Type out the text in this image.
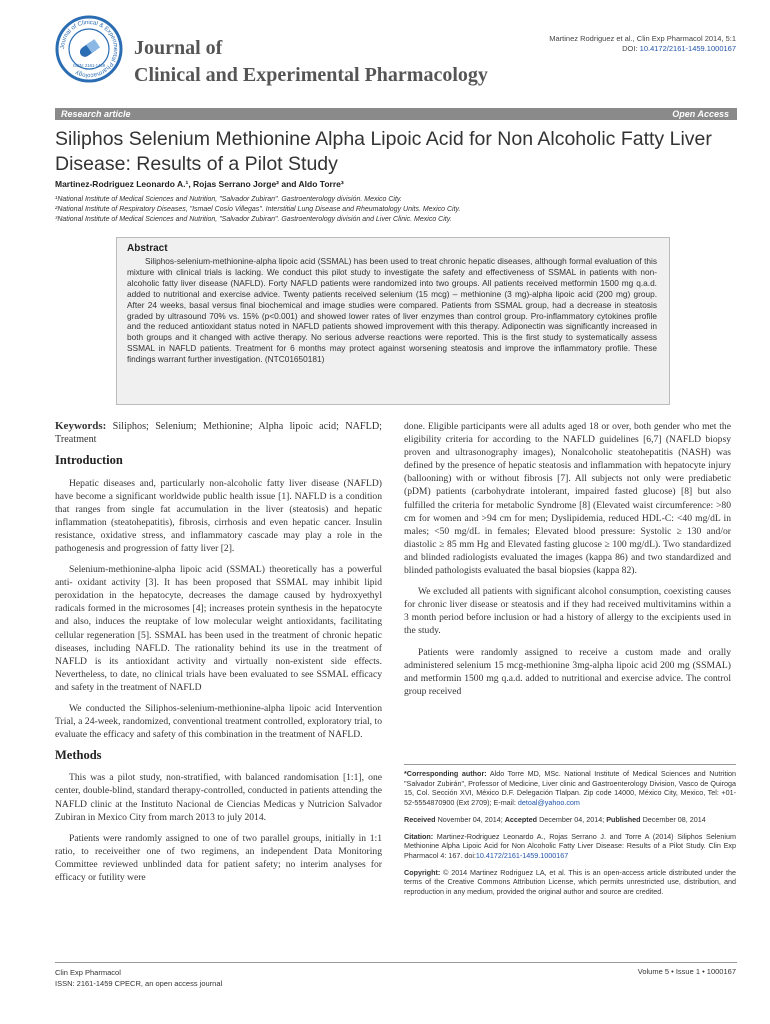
Journal of Clinical & Experimental Pharmacology
ISSN: 2161-1459
Journal of
Clinical and Experimental Pharmacology
Martinez Rodriguez et al., Clin Exp Pharmacol 2014, 5:1
DOI: 10.4172/2161-1459.1000167
Research article	Open Access
Siliphos Selenium Methionine Alpha Lipoic Acid for Non Alcoholic Fatty Liver Disease: Results of a Pilot Study
Martinez-Rodriguez Leonardo A.¹, Rojas Serrano Jorge² and Aldo Torre³
¹National Institute of Medical Sciences and Nutrition, "Salvador Zubiran". Gastroenterology división. Mexico City.
²National Institute of Respiratory Diseases, "Ismael Cosío Villegas". Interstitial Lung Disease and Rheumatology Units. Mexico City.
³National Institute of Medical Sciences and Nutrition, "Salvador Zubiran". Gastroenterology división and Liver Clinic. Mexico City.
Abstract

Siliphos-selenium-methionine-alpha lipoic acid (SSMAL) has been used to treat chronic hepatic diseases, although formal evaluation of this mixture with clinical trials is lacking. We conduct this pilot study to investigate the safety and effectiveness of SSMAL in patients with non-alcoholic fatty liver disease (NAFLD). Forty NAFLD patients were randomized into two groups. All patients received metformin 1500 mg q.a.d. added to nutritional and exercise advice. Twenty patients received selenium (15 mcg) – methionine (3 mg)-alpha lipoic acid (200 mg) group. After 24 weeks, basal versus final biochemical and image studies were compared. Patients from SSMAL group, had a decrease in steatosis graded by ultrasound 70% vs. 15% (p<0.001) and showed lower rates of liver enzymes than control group. Pro-inflammatory cytokines profile and the reduced antioxidant status noted in NAFLD patients showed improvement with this therapy. Adiponectin was significantly increased in both groups and it changed with active therapy. No serious adverse reactions were reported. This is the first study to systematically assess SSMAL in NAFLD patients. Treatment for 6 months may protect against worsening steatosis and improve the inflammatory profile. These findings warrant further investigation. (NTC01650181)

Keywords: Siliphos; Selenium; Methionine; Alpha lipoic acid; NAFLD; Treatment

Introduction

Hepatic diseases and, particularly non-alcoholic fatty liver disease (NAFLD) have become a significant worldwide public health issue [1]. NAFLD is a condition that ranges from single fat accumulation in the liver (steatosis) and hepatic inflammation (steatohepatitis), fibrosis, cirrhosis and even hepatic cancer. Insulin resistance, oxidative stress, and inflammatory cascade may play a role in the pathogenesis and progression of fatty liver [2].

Selenium-methionine-alpha lipoic acid (SSMAL) theoretically has a powerful anti- oxidant activity [3]. It has been proposed that SSMAL may inhibit lipid peroxidation in the hepatocyte, decreases the damage caused by hydroxyethyl radicals formed in the microsomes [4]; increases protein synthesis in the hepatocyte and also, induces the reuptake of low molecular weight antioxidants, facilitating cellular regeneration [5]. SSMAL has been used in the treatment of chronic hepatic diseases, including NAFLD. The rationality behind its use in the treatment of NAFLD is its antioxidant activity and virtually non-existent side effects. Nevertheless, to date, no clinical trials have been evaluated to see SSMAL efficacy and safety in the treatment of NAFLD

We conducted the Siliphos-selenium-methionine-alpha lipoic acid Intervention Trial, a 24-week, randomized, conventional treatment controlled, exploratory trial, to evaluate the efficacy and safety of this combination in the treatment of NAFLD.

Methods

This was a pilot study, non-stratified, with balanced randomisation [1:1], one center, double-blind, standard therapy-controlled, conducted in patients attending the NAFLD clinic at the Instituto Nacional de Ciencias Medicas y Nutricion Salvador Zubiran in Mexico City from march 2013 to july 2014.

Patients were randomly assigned to one of two parallel groups, initially in 1:1 ratio, to receiveither one of two regimens, an independent Data Monitoring Committee reviewed unblinded data for patient safety; no interim analyses for efficacy or futility were

done. Eligible participants were all adults aged 18 or over, both gender who met the eligibility criteria for according to the NAFLD guidelines [6,7] (NAFLD biopsy proven and ultrasonography images), Nonalcoholic steatohepatitis (NASH) was defined by the presence of hepatic steatosis and inflammation with hepatocyte injury (ballooning) with or without fibrosis [7]. All subjects not only were prediabetic (pDM) patients (carbohydrate intolerant, impaired fasted glucose) [8] but also fulfilled the criteria for metabolic Syndrome [8] (Elevated waist circumference: >80 cm for women and >94 cm for men; Dyslipidemia, reduced HDL-C: <40 mg/dL in males; <50 mg/dL in females; Elevated blood pressure: Systolic ≥ 130 and/or diastolic ≥ 85 mm Hg and Elevated fasting glucose ≥ 100 mg/dL). Two standardized and blinded radiologists evaluated the images (kappa 86) and two standardized and blinded pathologists evaluated the basal biopsies (kappa 82).

We excluded all patients with significant alcohol consumption, coexisting causes for chronic liver disease or steatosis and if they had received multivitamins within a 3 month period before inclusion or had a history of allergy to the excipients used in the study.

Patients were randomly assigned to receive a custom made and orally administered selenium 15 mcg-methionine 3mg-alpha lipoic acid 200 mg (SSMAL) and metformin 1500 mg q.a.d. added to nutritional and exercise advice. The control group received

*Corresponding author: Aldo Torre MD, MSc. National Institute of Medical Sciences and Nutrition "Salvador Zubirán", Professor of Medicine, Liver clinic and Gastroenterology Division, Vasco de Quiroga 15, Col. Sección XVI, México D.F. Delegación Tlalpan. Zip code 14000, México City, Mexico, Tel: +01-52-5554870900 (Ext 2709); E-mail: detoal@yahoo.com

Received November 04, 2014; Accepted December 04, 2014; Published December 08, 2014

Citation: Martinez-Rodriguez Leonardo A., Rojas Serrano J. and Torre A (2014) Siliphos Selenium Methionine Alpha Lipoic Acid for Non Alcoholic Fatty Liver Disease: Results of a Pilot Study. Clin Exp Pharmacol 4: 167. doi:10.4172/2161-1459.1000167

Copyright: © 2014 Martinez Rodriguez LA, et al. This is an open-access article distributed under the terms of the Creative Commons Attribution License, which permits unrestricted use, distribution, and reproduction in any medium, provided the original author and source are credited.

Clin Exp Pharmacol
ISSN: 2161-1459 CPECR, an open access journal
Volume 5 • Issue 1 • 1000167
